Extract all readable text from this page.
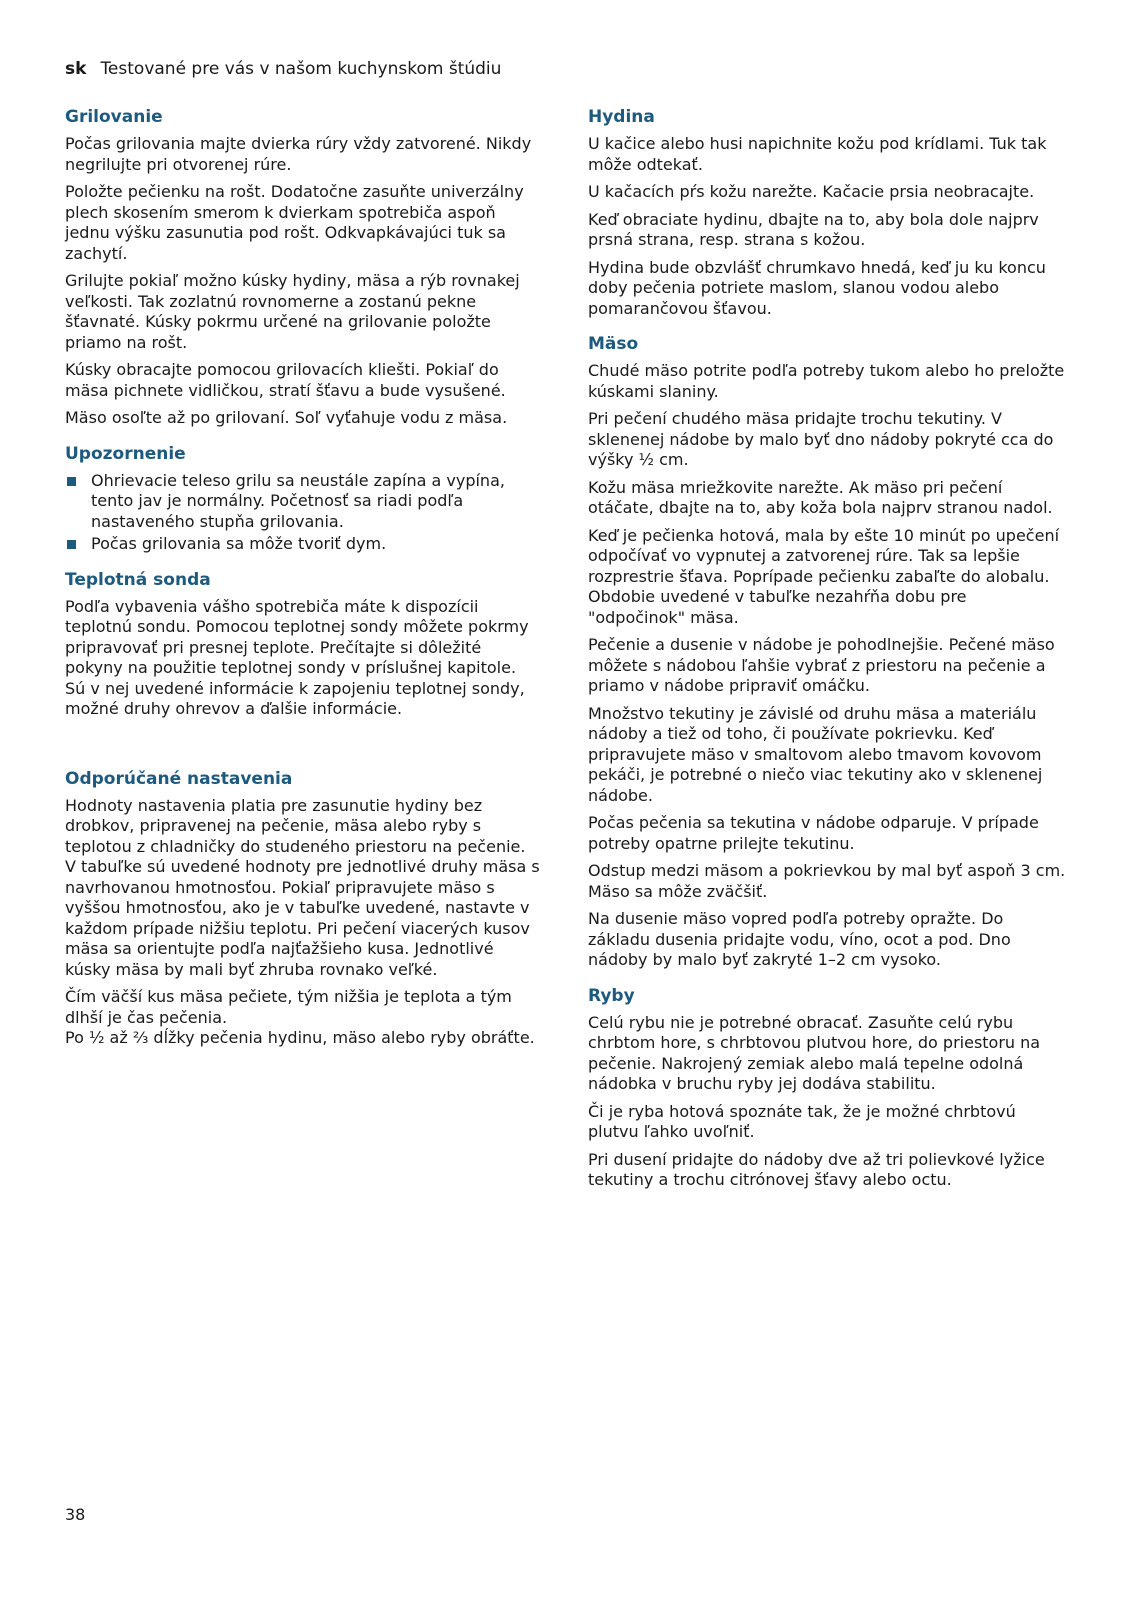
sk Testované pre vás v našom kuchynskom štúdiu
Grilovanie

Počas grilovania majte dvierka rúry vždy zatvorené. Nikdy negrilujte pri otvorenej rúre.

Položte pečienku na rošt. Dodatočne zasuňte univerzálny plech skosením smerom k dvierkam spotrebiča aspoň jednu výšku zasunutia pod rošt. Odkvapkávajúci tuk sa zachytí.

Grilujte pokiaľ možno kúsky hydiny, mäsa a rýb rovnakej veľkosti. Tak zozlatnú rovnomerne a zostanú pekne šťavnaté. Kúsky pokrmu určené na grilovanie položte priamo na rošt.

Kúsky obracajte pomocou grilovacích kliešti. Pokiaľ do mäsa pichnete vidličkou, stratí šťavu a bude vysušené.

Mäso osoľte až po grilovaní. Soľ vyťahuje vodu z mäsa.

Upozornenie
Ohrievacie teleso grilu sa neustále zapína a vypína, tento jav je normálny. Početnosť sa riadi podľa nastaveného stupňa grilovania.
Počas grilovania sa môže tvoriť dym.
Teplotná sonda

Podľa vybavenia vášho spotrebiča máte k dispozícii teplotnú sondu. Pomocou teplotnej sondy môžete pokrmy pripravovať pri presnej teplote. Prečítajte si dôležité pokyny na použitie teplotnej sondy v príslušnej kapitole. Sú v nej uvedené informácie k zapojeniu teplotnej sondy, možné druhy ohrevov a ďalšie informácie.

Odporúčané nastavenia

Hodnoty nastavenia platia pre zasunutie hydiny bez drobkov, pripravenej na pečenie, mäsa alebo ryby s teplotou z chladničky do studeného priestoru na pečenie.

V tabuľke sú uvedené hodnoty pre jednotlivé druhy mäsa s navrhovanou hmotnosťou. Pokiaľ pripravujete mäso s vyššou hmotnosťou, ako je v tabuľke uvedené, nastavte v každom prípade nižšiu teplotu. Pri pečení viacerých kusov mäsa sa orientujte podľa najťažšieho kusa. Jednotlivé kúsky mäsa by mali byť zhruba rovnako veľké.

Čím väčší kus mäsa pečiete, tým nižšia je teplota a tým dlhší je čas pečenia.

Po ½ až ⅔ dĺžky pečenia hydinu, mäso alebo ryby obráťte.

Hydina

U kačice alebo husi napichnite kožu pod krídlami. Tuk tak môže odtekať.

U kačacích pŕs kožu narežte. Kačacie prsia neobracajte.

Keď obraciate hydinu, dbajte na to, aby bola dole najprv prsná strana, resp. strana s kožou.

Hydina bude obzvlášť chrumkavo hnedá, keď ju ku koncu doby pečenia potriete maslom, slanou vodou alebo pomarančovou šťavou.

Mäso

Chudé mäso potrite podľa potreby tukom alebo ho preložte kúskami slaniny.

Pri pečení chudého mäsa pridajte trochu tekutiny. V sklenenej nádobe by malo byť dno nádoby pokryté cca do výšky ½ cm.

Kožu mäsa mriežkovite narežte. Ak mäso pri pečení otáčate, dbajte na to, aby koža bola najprv stranou nadol.

Keď je pečienka hotová, mala by ešte 10 minút po upečení odpočívať vo vypnutej a zatvorenej rúre. Tak sa lepšie rozprestrie šťava. Poprípade pečienku zabaľte do alobalu. Obdobie uvedené v tabuľke nezahŕňa dobu pre "odpočinok" mäsa.

Pečenie a dusenie v nádobe je pohodlnejšie. Pečené mäso môžete s nádobou ľahšie vybrať z priestoru na pečenie a priamo v nádobe pripraviť omáčku.

Množstvo tekutiny je závislé od druhu mäsa a materiálu nádoby a tiež od toho, či používate pokrievku. Keď pripravujete mäso v smaltovom alebo tmavom kovovom pekáči, je potrebné o niečo viac tekutiny ako v sklenenej nádobe.

Počas pečenia sa tekutina v nádobe odparuje. V prípade potreby opatrne prilejte tekutinu.

Odstup medzi mäsom a pokrievkou by mal byť aspoň 3 cm. Mäso sa môže zväčšiť.

Na dusenie mäso vopred podľa potreby opražte. Do základu dusenia pridajte vodu, víno, ocot a pod. Dno nádoby by malo byť zakryté 1–2 cm vysoko.

Ryby

Celú rybu nie je potrebné obracať. Zasuňte celú rybu chrbtom hore, s chrbtovou plutvou hore, do priestoru na pečenie. Nakrojený zemiak alebo malá tepelne odolná nádobka v bruchu ryby jej dodáva stabilitu.

Či je ryba hotová spoznáte tak, že je možné chrbtovú plutvu ľahko uvoľniť.

Pri dusení pridajte do nádoby dve až tri polievkové lyžice tekutiny a trochu citrónovej šťavy alebo octu.

38
